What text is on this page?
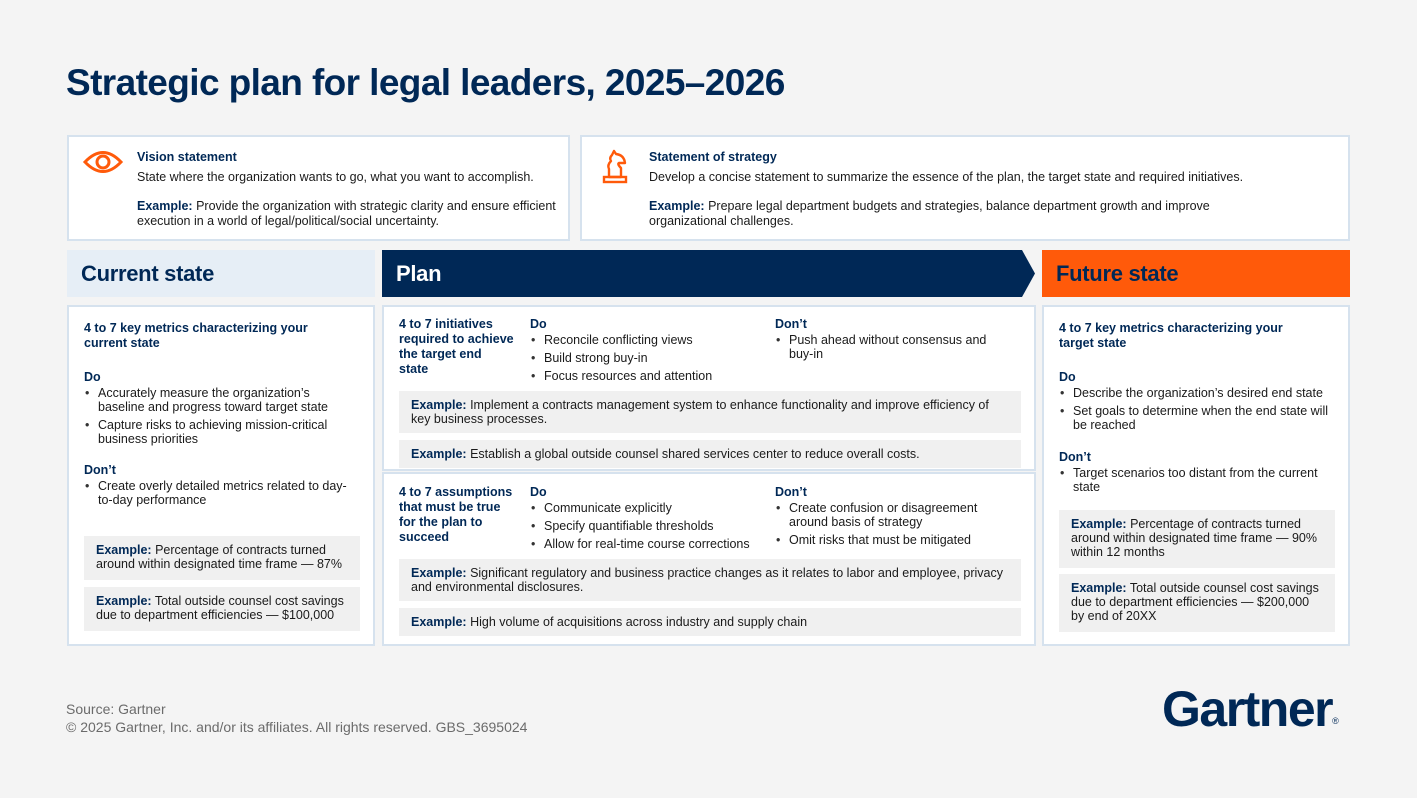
Strategic plan for legal leaders, 2025–2026
Vision statement
State where the organization wants to go, what you want to accomplish.
Example: Provide the organization with strategic clarity and ensure efficient execution in a world of legal/political/social uncertainty.
Statement of strategy
Develop a concise statement to summarize the essence of the plan, the target state and required initiatives.
Example: Prepare legal department budgets and strategies, balance department growth and improve organizational challenges.
Current state	Plan	Future state
4 to 7 key metrics characterizing your current state
Do
• Accurately measure the organization’s baseline and progress toward target state
• Capture risks to achieving mission-critical business priorities
Don’t
• Create overly detailed metrics related to day-to-day performance
Example: Percentage of contracts turned around within designated time frame — 87%
Example: Total outside counsel cost savings due to department efficiencies — $100,000
4 to 7 initiatives required to achieve the target end state
Do
• Reconcile conflicting views
• Build strong buy-in
• Focus resources and attention
Don’t
• Push ahead without consensus and buy-in
Example: Implement a contracts management system to enhance functionality and improve efficiency of key business processes.
Example: Establish a global outside counsel shared services center to reduce overall costs.
4 to 7 assumptions that must be true for the plan to succeed
Do
• Communicate explicitly
• Specify quantifiable thresholds
• Allow for real-time course corrections
Don’t
• Create confusion or disagreement around basis of strategy
• Omit risks that must be mitigated
Example: Significant regulatory and business practice changes as it relates to labor and employee, privacy and environmental disclosures.
Example: High volume of acquisitions across industry and supply chain
4 to 7 key metrics characterizing your target state
Do
• Describe the organization’s desired end state
• Set goals to determine when the end state will be reached
Don’t
• Target scenarios too distant from the current state
Example: Percentage of contracts turned around within designated time frame — 90% within 12 months
Example: Total outside counsel cost savings due to department efficiencies — $200,000 by end of 20XX
Source: Gartner
© 2025 Gartner, Inc. and/or its affiliates. All rights reserved. GBS_3695024	Gartner®
